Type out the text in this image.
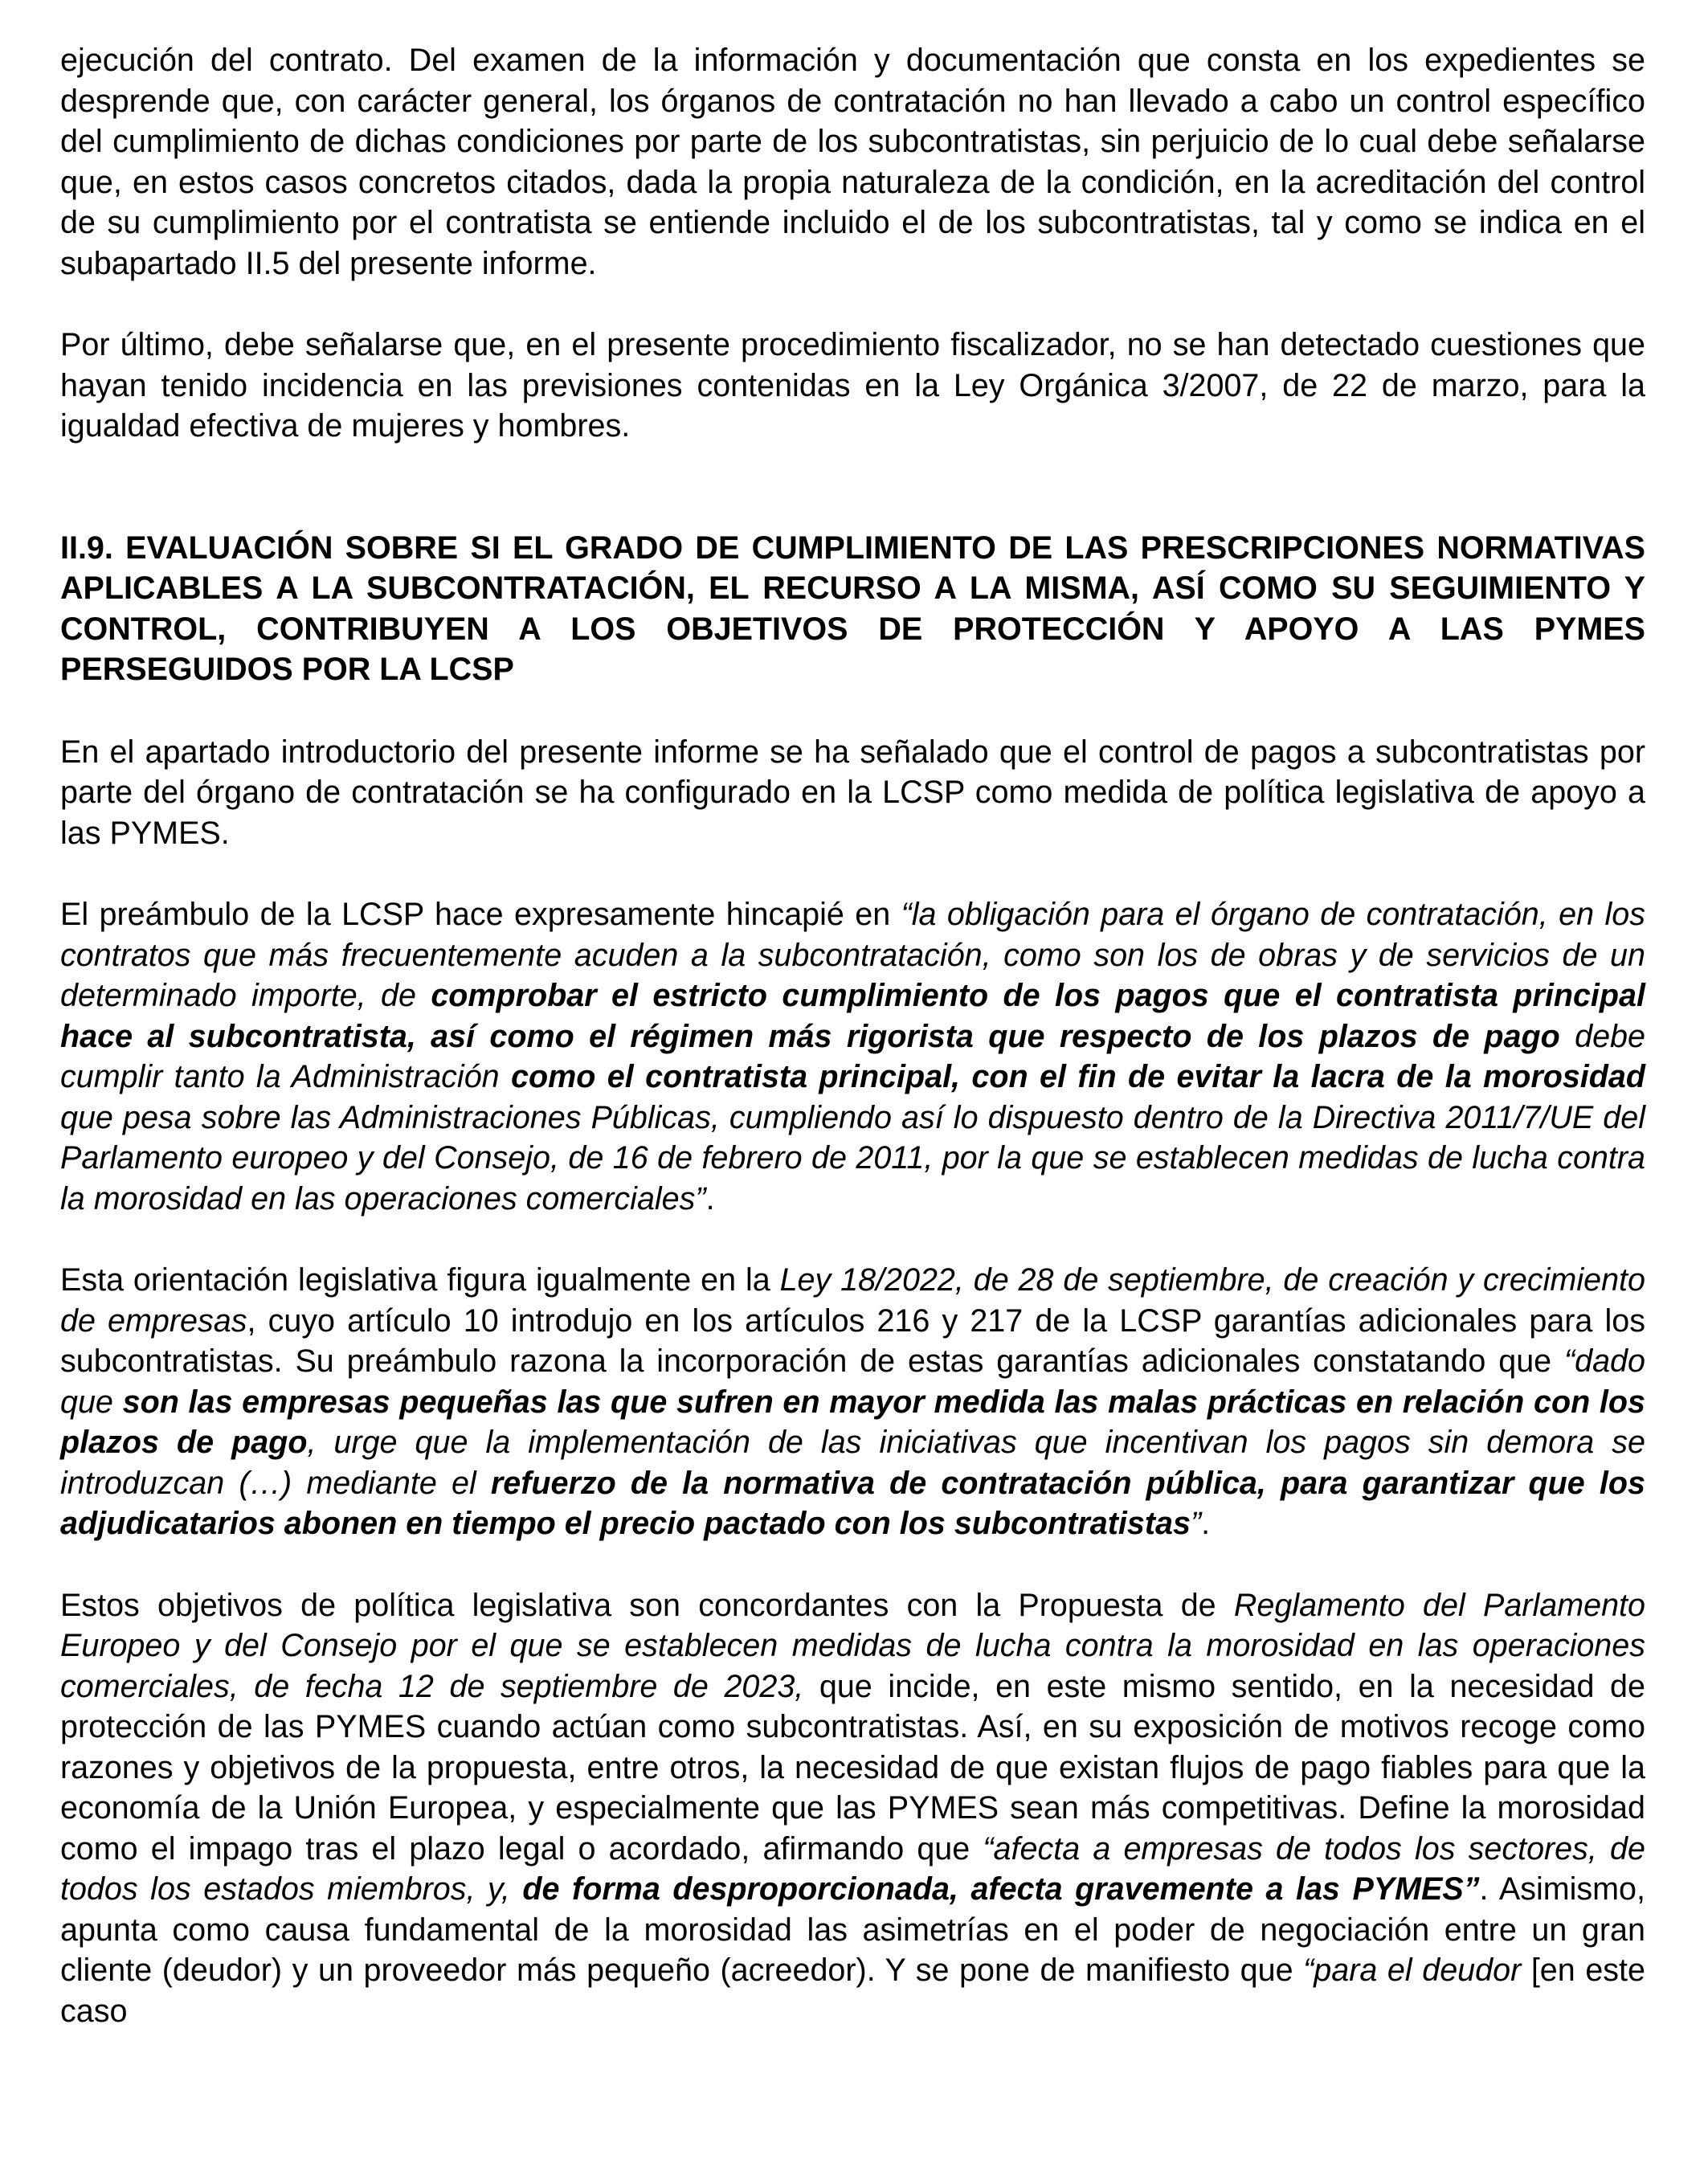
ejecución del contrato. Del examen de la información y documentación que consta en los expedientes se desprende que, con carácter general, los órganos de contratación no han llevado a cabo un control específico del cumplimiento de dichas condiciones por parte de los subcontratistas, sin perjuicio de lo cual debe señalarse que, en estos casos concretos citados, dada la propia naturaleza de la condición, en la acreditación del control de su cumplimiento por el contratista se entiende incluido el de los subcontratistas, tal y como se indica en el subapartado II.5 del presente informe.

Por último, debe señalarse que, en el presente procedimiento fiscalizador, no se han detectado cuestiones que hayan tenido incidencia en las previsiones contenidas en la Ley Orgánica 3/2007, de 22 de marzo, para la igualdad efectiva de mujeres y hombres.

II.9. EVALUACIÓN SOBRE SI EL GRADO DE CUMPLIMIENTO DE LAS PRESCRIPCIONES NORMATIVAS APLICABLES A LA SUBCONTRATACIÓN, EL RECURSO A LA MISMA, ASÍ COMO SU SEGUIMIENTO Y CONTROL, CONTRIBUYEN A LOS OBJETIVOS DE PROTECCIÓN Y APOYO A LAS PYMES PERSEGUIDOS POR LA LCSP

En el apartado introductorio del presente informe se ha señalado que el control de pagos a subcontratistas por parte del órgano de contratación se ha configurado en la LCSP como medida de política legislativa de apoyo a las PYMES.

El preámbulo de la LCSP hace expresamente hincapié en “la obligación para el órgano de contratación, en los contratos que más frecuentemente acuden a la subcontratación, como son los de obras y de servicios de un determinado importe, de comprobar el estricto cumplimiento de los pagos que el contratista principal hace al subcontratista, así como el régimen más rigorista que respecto de los plazos de pago debe cumplir tanto la Administración como el contratista principal, con el fin de evitar la lacra de la morosidad que pesa sobre las Administraciones Públicas, cumpliendo así lo dispuesto dentro de la Directiva 2011/7/UE del Parlamento europeo y del Consejo, de 16 de febrero de 2011, por la que se establecen medidas de lucha contra la morosidad en las operaciones comerciales”.

Esta orientación legislativa figura igualmente en la Ley 18/2022, de 28 de septiembre, de creación y crecimiento de empresas, cuyo artículo 10 introdujo en los artículos 216 y 217 de la LCSP garantías adicionales para los subcontratistas. Su preámbulo razona la incorporación de estas garantías adicionales constatando que “dado que son las empresas pequeñas las que sufren en mayor medida las malas prácticas en relación con los plazos de pago, urge que la implementación de las iniciativas que incentivan los pagos sin demora se introduzcan (…) mediante el refuerzo de la normativa de contratación pública, para garantizar que los adjudicatarios abonen en tiempo el precio pactado con los subcontratistas”.

Estos objetivos de política legislativa son concordantes con la Propuesta de Reglamento del Parlamento Europeo y del Consejo por el que se establecen medidas de lucha contra la morosidad en las operaciones comerciales, de fecha 12 de septiembre de 2023, que incide, en este mismo sentido, en la necesidad de protección de las PYMES cuando actúan como subcontratistas. Así, en su exposición de motivos recoge como razones y objetivos de la propuesta, entre otros, la necesidad de que existan flujos de pago fiables para que la economía de la Unión Europea, y especialmente que las PYMES sean más competitivas. Define la morosidad como el impago tras el plazo legal o acordado, afirmando que “afecta a empresas de todos los sectores, de todos los estados miembros, y, de forma desproporcionada, afecta gravemente a las PYMES”. Asimismo, apunta como causa fundamental de la morosidad las asimetrías en el poder de negociación entre un gran cliente (deudor) y un proveedor más pequeño (acreedor). Y se pone de manifiesto que “para el deudor [en este caso
